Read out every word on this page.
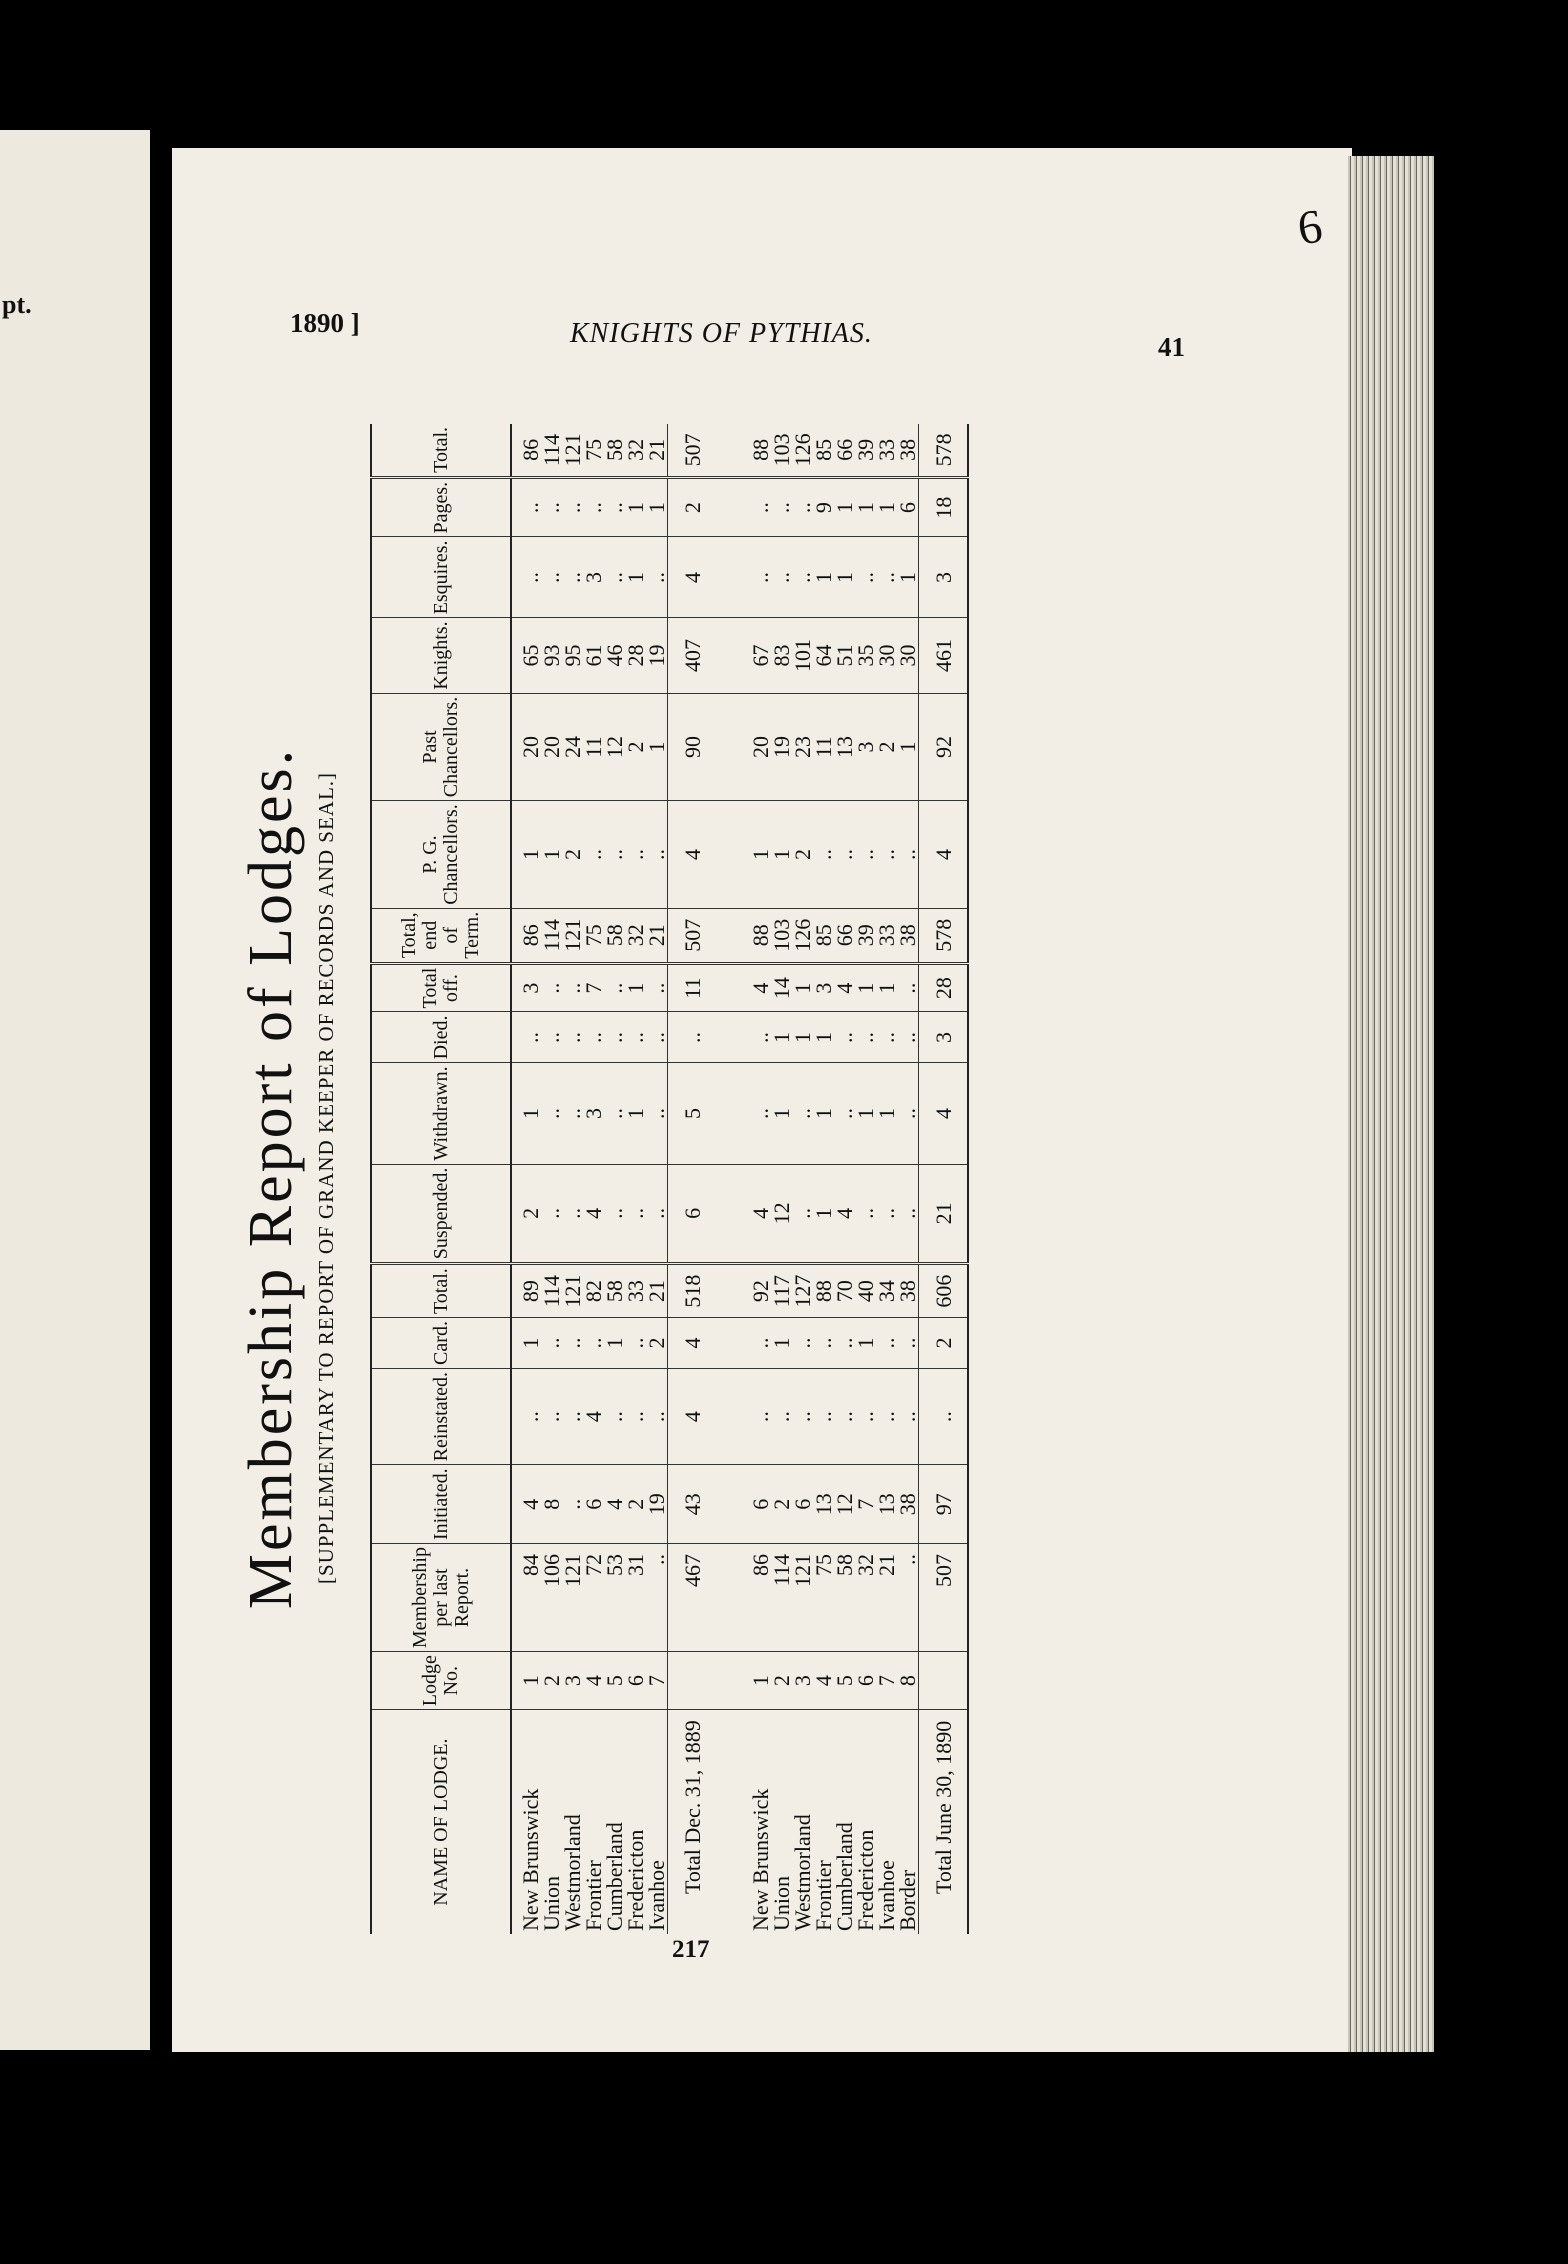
pt.
1890 ]	KNIGHTS OF PYTHIAS.	41
6
Membership Report of Lodges. [SUPPLEMENTARY TO REPORT OF GRAND KEEPER OF RECORDS AND SEAL.]
NAME OF LODGE.	Lodge No.	Membership per last Report.	Initiated.	Reinstated.	Card.	Total.	Suspended.	Withdrawn.	Died.	Total off.	Total, end of Term.	P. G. Chancellors.	Past Chancellors.	Knights.	Esquires.	Pages.	Total.

New Brunswick	1	84	4	..	1	89	2	1	..	3	86	1	20	65	..	..	86
Union	2	106	8	..	..	114	..	..	..	..	114	1	20	93	..	..	114
Westmorland	3	121	..	..	..	121	..	..	..	..	121	2	24	95	..	..	121
Frontier	4	72	6	4	..	82	4	3	..	7	75	..	11	61	3	..	75
Cumberland	5	53	4	..	1	58	..	..	..	..	58	..	12	46	..	..	58
Fredericton	6	31	2	..	..	33	..	1	..	1	32	..	2	28	1	1	32
Ivanhoe	7	..	19	..	2	21	..	..	..	..	21	..	1	19	..	1	21
Total Dec. 31, 1889		467	43	4	4	518	6	5	..	11	507	4	90	407	4	2	507

New Brunswick	1	86	6	..	..	92	4	..	..	4	88	1	20	67	..	..	88
Union	2	114	2	..	1	117	12	1	1	14	103	1	19	83	..	..	103
Westmorland	3	121	6	..	..	127	..	..	1	1	126	2	23	101	..	..	126
Frontier	4	75	13	..	..	88	1	1	1	3	85	..	11	64	1	9	85
Cumberland	5	58	12	..	..	70	4	..	..	4	66	..	13	51	1	1	66
Fredericton	6	32	7	..	1	40	..	1	..	1	39	..	3	35	..	1	39
Ivanhoe	7	21	13	..	..	34	..	1	..	1	33	..	2	30	..	1	33
Border	8	..	38	..	..	38	..	..	..	..	38	..	1	30	1	6	38
Total June 30, 1890		507	97	..	2	606	21	4	3	28	578	4	92	461	3	18	578
217
